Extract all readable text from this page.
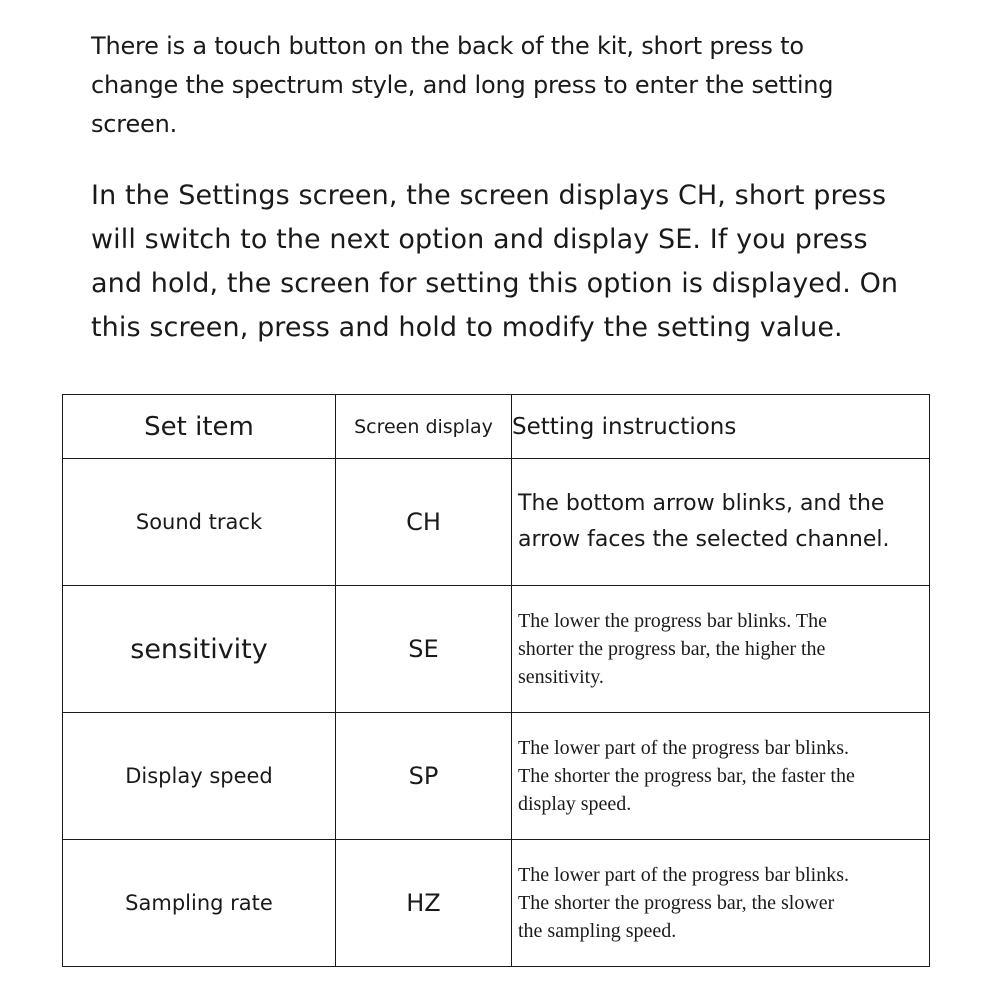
There is a touch button on the back of the kit, short press to
change the spectrum style, and long press to enter the setting
screen.

In the Settings screen, the screen displays CH, short press
will switch to the next option and display SE. If you press
and hold, the screen for setting this option is displayed. On
this screen, press and hold to modify the setting value.

Set item	Screen display	Setting instructions
Sound track	CH	The bottom arrow blinks, and the
arrow faces the selected channel.

sensitivity	SE	The lower the progress bar blinks. The
shorter the progress bar, the higher the
sensitivity.

Display speed	SP	The lower part of the progress bar blinks.
The shorter the progress bar, the faster the
display speed.

Sampling rate	HZ	The lower part of the progress bar blinks.
The shorter the progress bar, the slower
the sampling speed.
